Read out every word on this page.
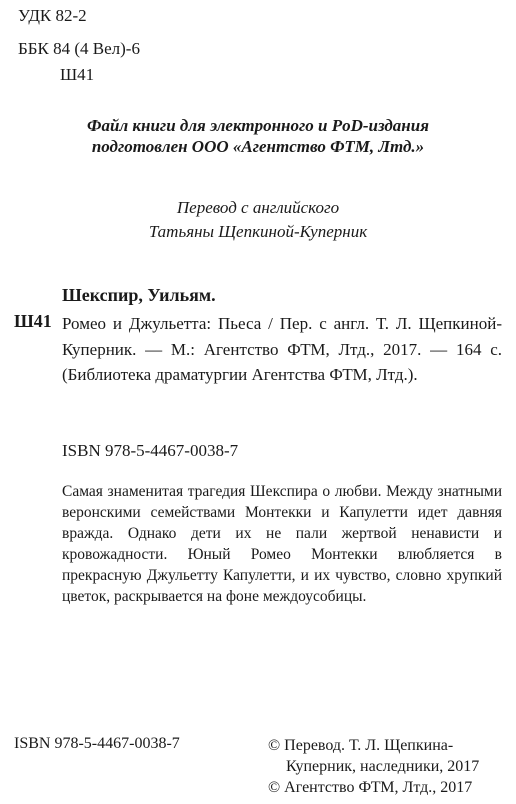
УДК 82-2
ББК 84 (4 Вел)-6
Ш41
Файл книги для электронного и PoD-издания
подготовлен ООО «Агентство ФТМ, Лтд.»
Перевод с английского
Татьяны Щепкиной-Куперник
Шекспир, Уильям.
Ш41 Ромео и Джульетта: Пьеса / Пер. с англ. Т. Л. Щепкиной-Куперник. — М.: Агентство ФТМ, Лтд., 2017. — 164 с. (Библиотека драматургии Агентства ФТМ, Лтд.).
ISBN 978-5-4467-0038-7
Самая знаменитая трагедия Шекспира о любви. Между знатными веронскими семействами Монтекки и Капулетти идет давняя вражда. Однако дети их не пали жертвой ненависти и кровожадности. Юный Ромео Монтекки влюбляется в прекрасную Джульетту Капулетти, и их чувство, словно хрупкий цветок, раскрывается на фоне междоусобицы.
ISBN 978-5-4467-0038-7	© Перевод. Т. Л. Щепкина-
Куперник, наследники, 2017
© Агентство ФТМ, Лтд., 2017
